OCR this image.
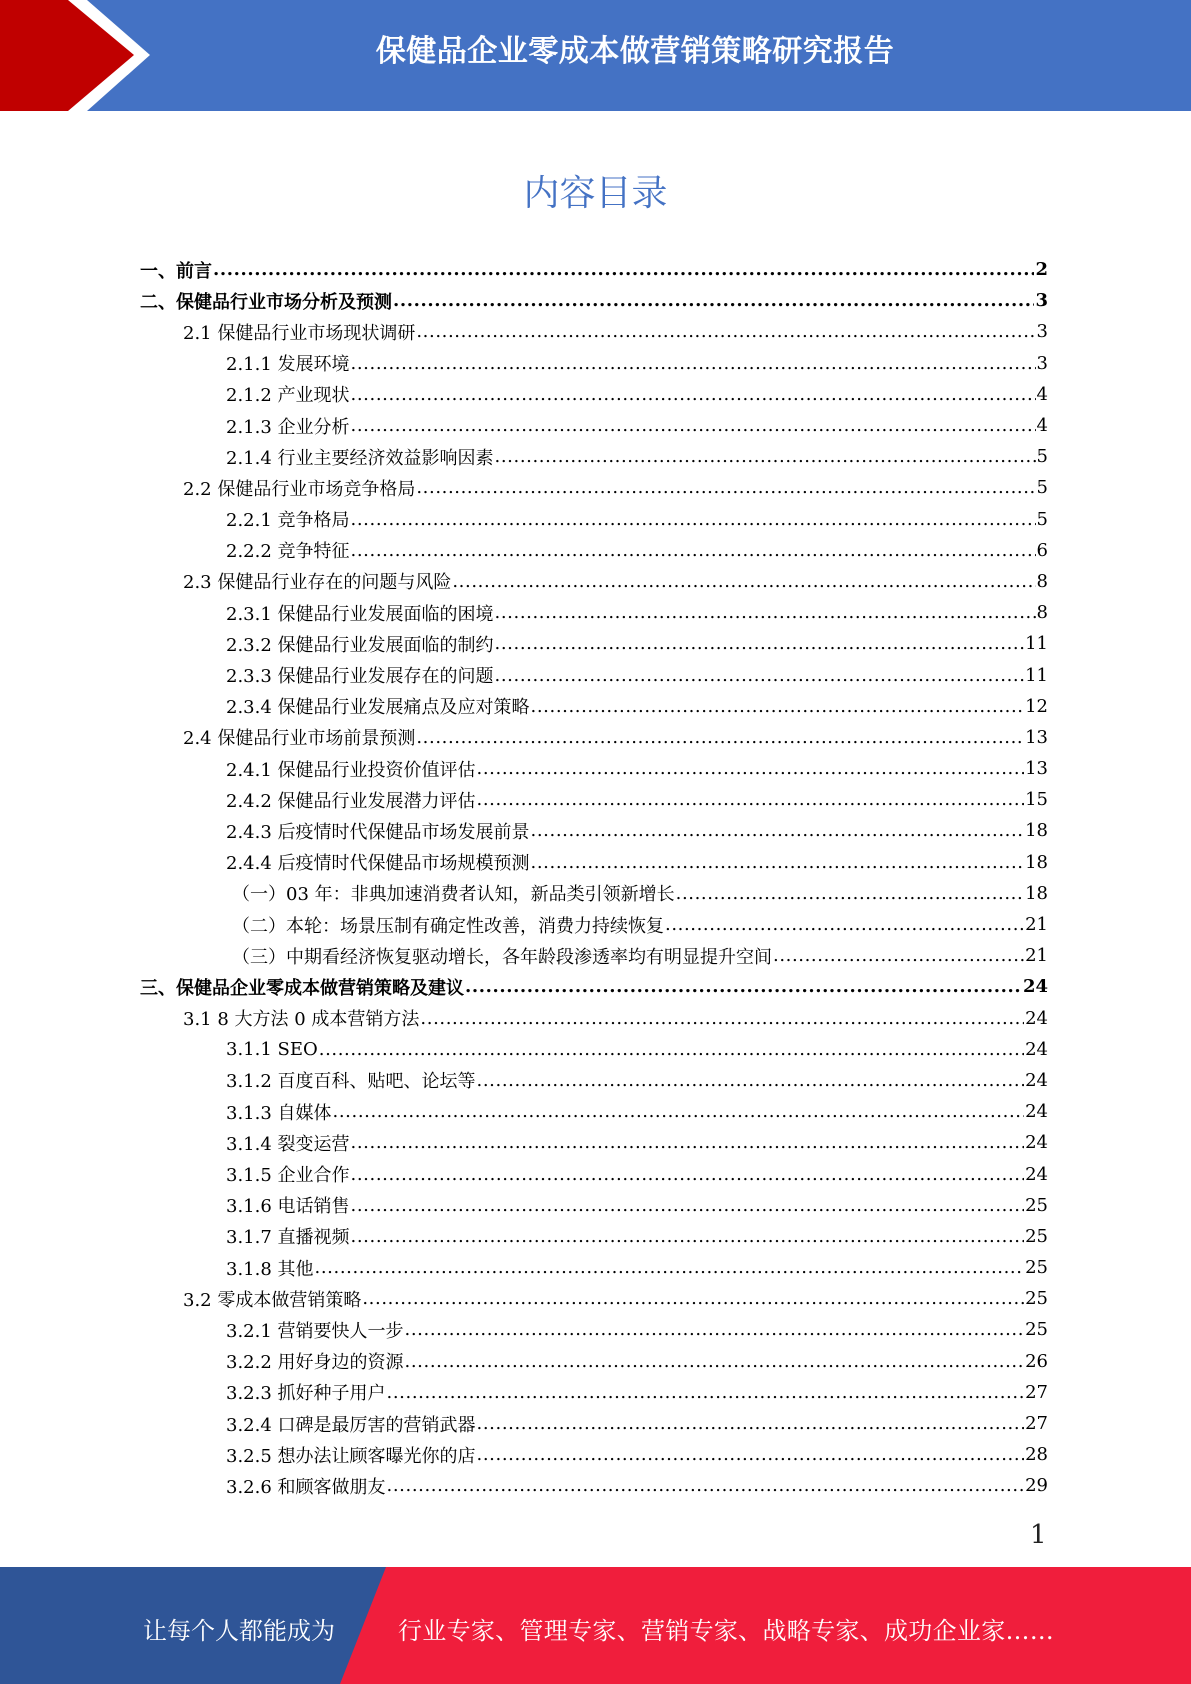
保健品企业零成本做营销策略研究报告
内容目录
一、前言 .....	2
二、保健品行业市场分析及预测 .....	3
2.1 保健品行业市场现状调研 .....	3
2.1.1 发展环境 .....	3
2.1.2 产业现状 .....	4
2.1.3 企业分析 .....	4
2.1.4 行业主要经济效益影响因素 .....	5
2.2 保健品行业市场竞争格局 .....	5
2.2.1 竞争格局 .....	5
2.2.2 竞争特征 .....	6
2.3 保健品行业存在的问题与风险 .....	8
2.3.1 保健品行业发展面临的困境 .....	8
2.3.2 保健品行业发展面临的制约 .....	11
2.3.3 保健品行业发展存在的问题 .....	11
2.3.4 保健品行业发展痛点及应对策略 .....	12
2.4 保健品行业市场前景预测 .....	13
2.4.1 保健品行业投资价值评估 .....	13
2.4.2 保健品行业发展潜力评估 .....	15
2.4.3 后疫情时代保健品市场发展前景 .....	18
2.4.4 后疫情时代保健品市场规模预测 .....	18
（一）03 年：非典加速消费者认知，新品类引领新增长 .....	18
（二）本轮：场景压制有确定性改善，消费力持续恢复 .....	21
（三）中期看经济恢复驱动增长，各年龄段渗透率均有明显提升空间 .....	21
三、保健品企业零成本做营销策略及建议 .....	24
3.1 8 大方法 0 成本营销方法 .....	24
3.1.1 SEO .....	24
3.1.2 百度百科、贴吧、论坛等 .....	24
3.1.3 自媒体 .....	24
3.1.4 裂变运营 .....	24
3.1.5 企业合作 .....	24
3.1.6 电话销售 .....	25
3.1.7 直播视频 .....	25
3.1.8 其他 .....	25
3.2 零成本做营销策略 .....	25
3.2.1 营销要快人一步 .....	25
3.2.2 用好身边的资源 .....	26
3.2.3 抓好种子用户 .....	27
3.2.4 口碑是最厉害的营销武器 .....	27
3.2.5 想办法让顾客曝光你的店 .....	28
3.2.6 和顾客做朋友 .....	29
1
让每个人都能成为	行业专家、管理专家、营销专家、战略专家、成功企业家……
